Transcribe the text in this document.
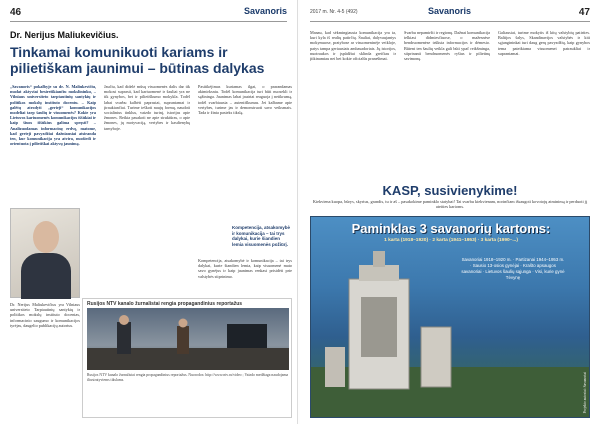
46	Savanoris
Dr. Nerijus Maliukevičius.
Tinkamai komunikuoti kariams ir pilietiškam jaunimui – būtinas dalykas
„Savanoris“ pokalbyje su dr. N. Maliukevičiu, nuolat aktyviai besireiškiančiu mokslininku, – Vilniaus universiteto tarptautinių santykių ir politikos mokslų instituto docentu. – Kaip galėtų atrodyti „gerieji“ komunikacijos modeliai tarp šaulių ir visuomenės? Kokie yra Lietuvos kariuomenės komunikacijos iššūkiai ir kaip šiuos iššūkius galima spręsti? – Analizuodamas informacinę erdvę, matome, kad gerieji pavyzdžiai dažniausiai atsiranda ten, kur komunikacija yra atvira, nuoširdi ir orientuota į pilietiškai aktyvų jaunimą.
Jaučiu, kad didelė mūsų visuomenės dalis dar tik mokosi suprasti, kad kariuomenė ir šauliai yra ne tik gynybos, bet ir pilietiškumo mokykla. Todėl labai svarbu kalbėti paprastai, suprantamai ir įtraukiančiai. Turime ieškoti naujų formų, naudoti socialinius tinklus, vaizdo turinį, istorijas apie žmones. Reikia pasakoti ne apie struktūras, o apie žmones, jų motyvaciją, vertybes ir kasdienybę tarnyboje.
Pasitikėjimas kuriamas ilgai, o prarandamas akimirksniu. Todėl komunikacija turi būti nuosekli ir sąžininga. Jaunimas labai jautriai reaguoja į netikrumą, todėl svarbiausia – autentiškumas. Jei kalbame apie vertybes, turime jas ir demonstruoti savo veiksmais. Tada ir žinia pasieks tikslą.
Dr. Nerijus Maliukevičius yra Vilniaus universiteto Tarptautinių santykių ir politikos mokslų instituto docentas, informacinio saugumo ir komunikacijos tyrėjas, daugelio publikacijų autorius.
Kompetencija, atsakomybė ir komunikacija – tai trys dalykai, kurie šiandien lemia visuomenės požiūrį.
Kompetencija, atsakomybė ir komunikacija – tai trys dalykai, kurie šiandien lemia, kaip visuomenė mato savo gynėjus ir kaip jaunimas renkasi prisidėti prie valstybės stiprinimo.
Rusijos NTV kanalo žurnalistai rengia propagandinius reportažus
Rusijos NTV kanalo žurnalistai rengia propagandinius reportažus. Nuorodos: http://www.ntv.ru/video ; Vaizdo medžiaga naudojama iliustratyviems tikslams.
2017 m. Nr. 4-5 (492)	Savanoris	47
Manau, kad sėkmingiausia komunikacija yra ta, kuri kyla iš realių patirčių. Šauliai, dalyvaujantys mokymuose, pratybose ar visuomeninėje veikloje, patys tampa geriausiais ambasadoriais. Jų istorijos, nuotraukos ir įspūdžiai sklinda greičiau ir įtikinamiau nei bet kokie oficialūs pranešimai.
Svarbu nepamiršti ir regionų. Dažnai komunikacija telkiasi didmiesčiuose, o mažesnėse bendruomenėse trūksta informacijos ir dėmesio. Būtent ten šaulių veikla gali būti ypač reikšminga, stiprinanti bendruomenės ryšius ir pilietinę savimonę.
Galiausiai, turime mokytis iš kitų valstybių patirties. Baltijos šalys, Skandinavijos valstybės ir kiti sąjungininkai turi daug gerų pavyzdžių, kaip gynybos tema pateikiama visuomenei patraukliai ir suprantamai.
KASP, susivienykime!
Kiekviena kuopa, būrys, skyrius, grandis, tu ir aš – pasakokime paminklo statybai! Tai svarbu kiekvienam, norinčiam išsaugoti kovotojų atminimą ir perduoti jį ateities kartoms.
Paminklas 3 savanorių kartoms:
1 karta (1918–1920) · 2 karta (1941–1953) · 3 karta (1990–...)
Savanoriai 1918–1920 m. · Partizanai 1944–1953 m. · Sausio 13-osios gynėjai · Krašto apsaugos savanoriai · Lietuvos šaulių sąjunga · Visi, kurie gynė Tėvynę
Projekto autoriai: Savanoriai
